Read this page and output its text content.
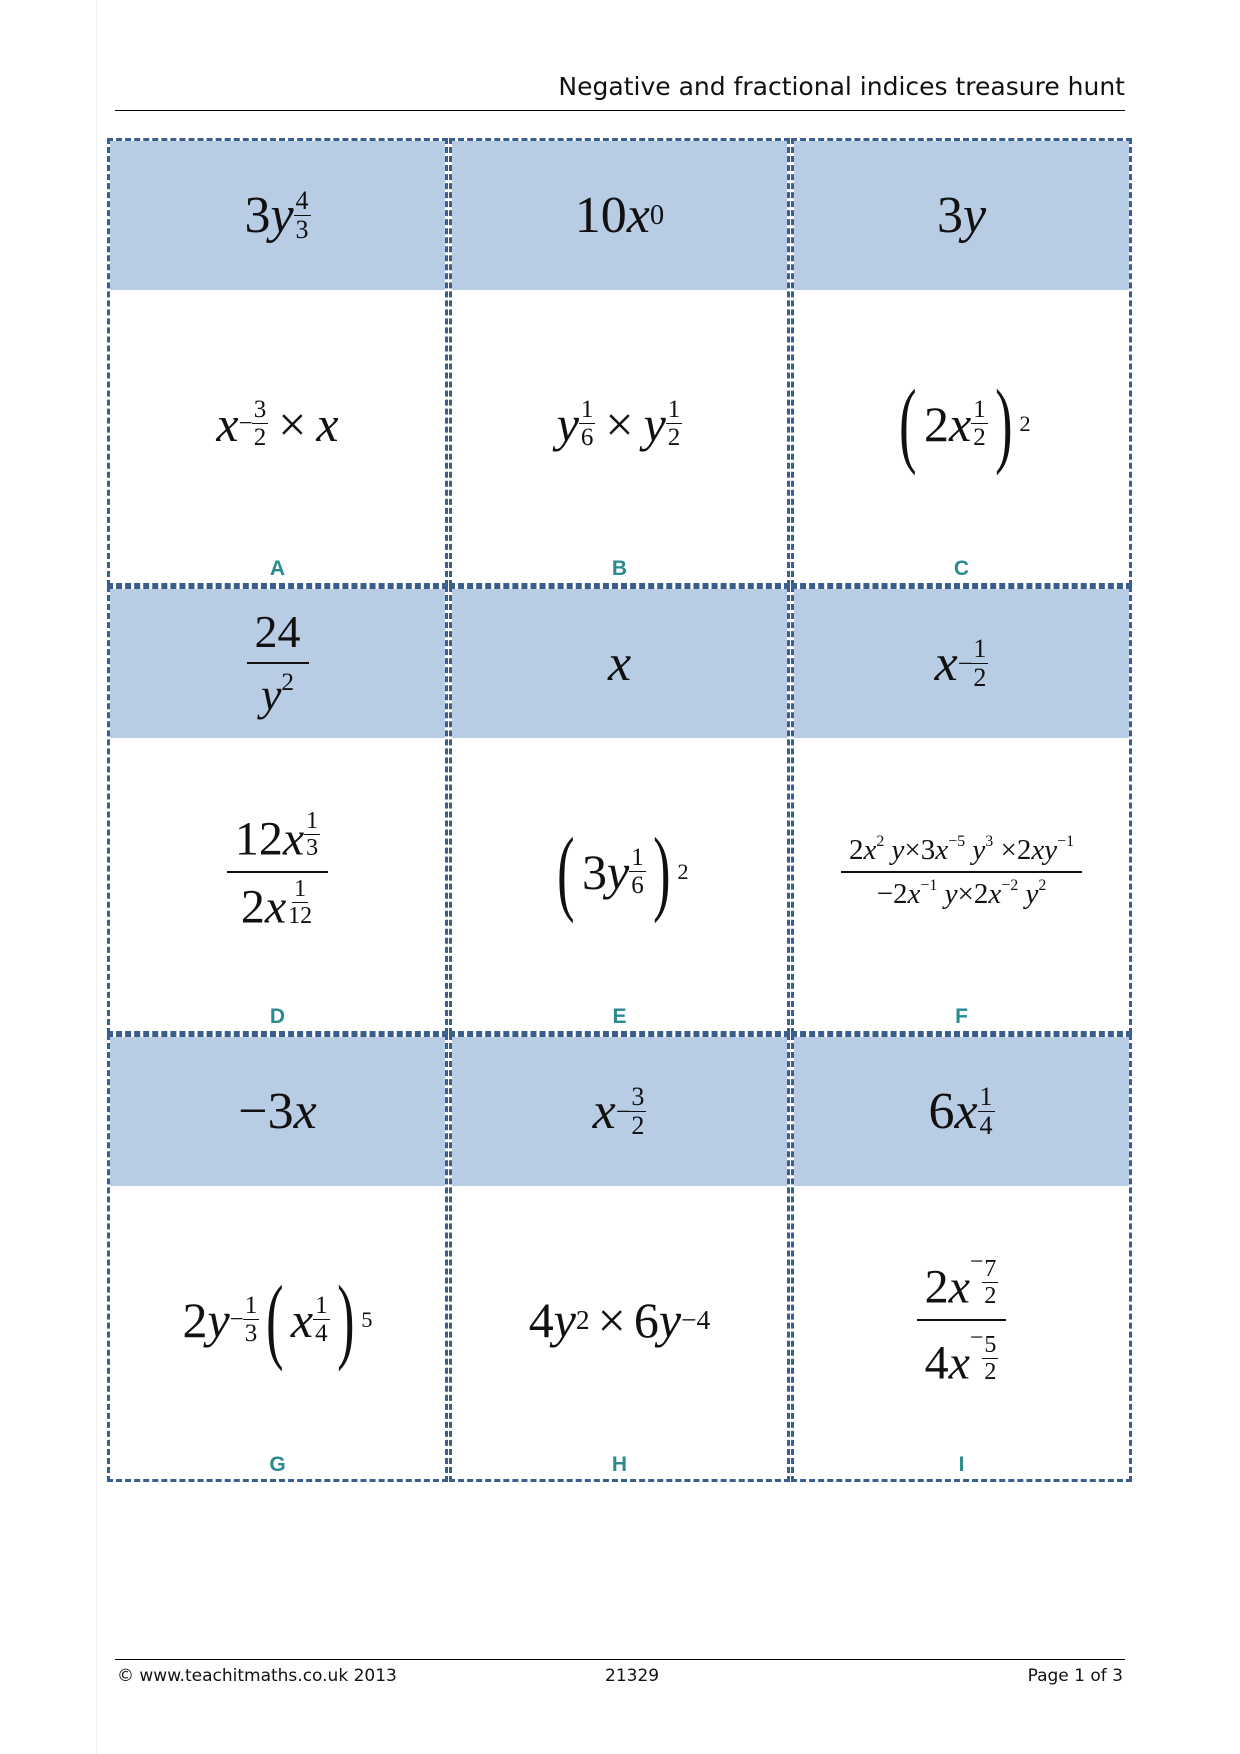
Negative and fractional indices treasure hunt
3 y 4
3
$x - \frac{3}{2} \times x$
A
10 x 0
y $\frac{1}{6} \times y$ 1
2
B
3 y
( 2 x 1
2 ) 2
C
$\frac{24}{y^2}$
$\frac{12x \frac{1}{3}}{2x \frac{1}{12}}$
D
x
( 3 y 1
6 ) 2
E
$x - \frac{1}{2}$
$\frac{2x^2 y\times 3x^{-5} y^3 \times 2xy^{-1}}{-2x^{-1} y\times 2x^{-2} y^2}$
F
−3 x
2 $y - \frac{1}{3}$ ( x 1
4 ) 5
G
$x - \frac{3}{2}$
4 y 2 × 6 y −4
H
6 x 1
4
$\frac{2x^- \frac{7}{2}}{4x^- \frac{5}{2}}$
I
© www.teachitmaths.co.uk 2013	21329	Page 1 of 3
